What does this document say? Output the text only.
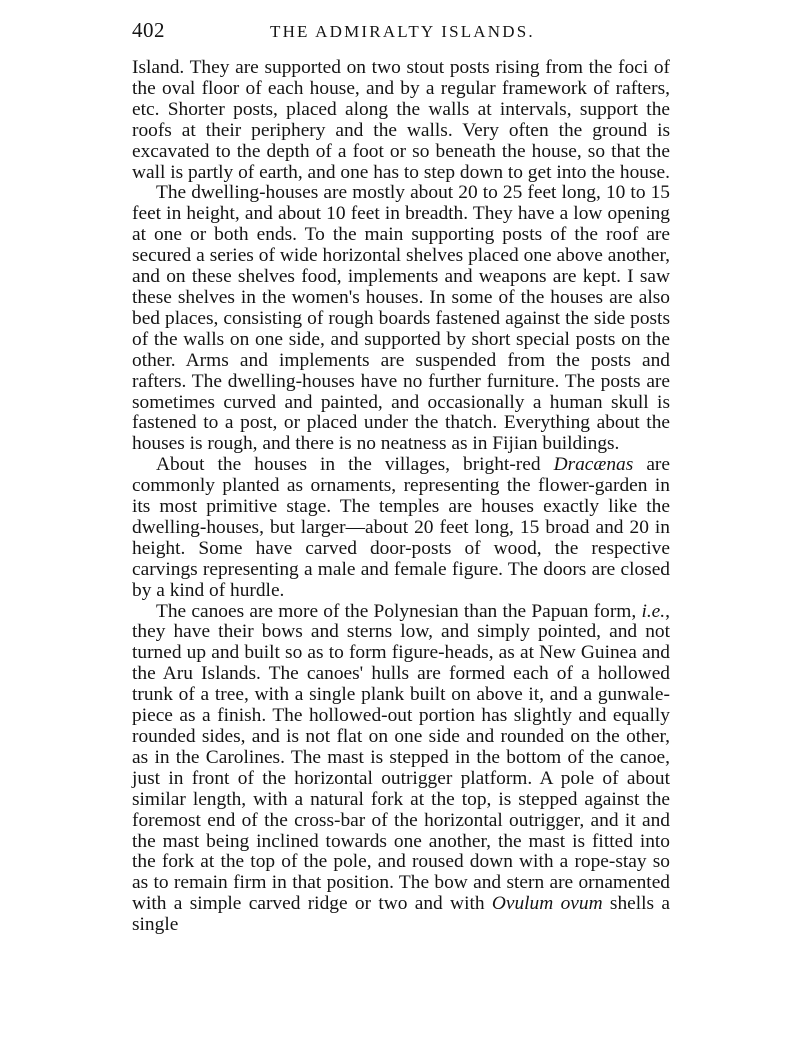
402	THE ADMIRALTY ISLANDS.

Island. They are supported on two stout posts rising from the foci of the oval floor of each house, and by a regular framework of rafters, etc. Shorter posts, placed along the walls at intervals, support the roofs at their periphery and the walls. Very often the ground is excavated to the depth of a foot or so beneath the house, so that the wall is partly of earth, and one has to step down to get into the house.

The dwelling-houses are mostly about 20 to 25 feet long, 10 to 15 feet in height, and about 10 feet in breadth. They have a low opening at one or both ends. To the main supporting posts of the roof are secured a series of wide horizontal shelves placed one above another, and on these shelves food, implements and weapons are kept. I saw these shelves in the women's houses. In some of the houses are also bed places, consisting of rough boards fastened against the side posts of the walls on one side, and supported by short special posts on the other. Arms and implements are suspended from the posts and rafters. The dwelling-houses have no further furniture. The posts are sometimes curved and painted, and occasionally a human skull is fastened to a post, or placed under the thatch. Everything about the houses is rough, and there is no neatness as in Fijian buildings.

About the houses in the villages, bright-red Dracænas are commonly planted as ornaments, representing the flower-garden in its most primitive stage. The temples are houses exactly like the dwelling-houses, but larger—about 20 feet long, 15 broad and 20 in height. Some have carved door-posts of wood, the respective carvings representing a male and female figure. The doors are closed by a kind of hurdle.

The canoes are more of the Polynesian than the Papuan form, i.e., they have their bows and sterns low, and simply pointed, and not turned up and built so as to form figure-heads, as at New Guinea and the Aru Islands. The canoes' hulls are formed each of a hollowed trunk of a tree, with a single plank built on above it, and a gunwale-piece as a finish. The hollowed-out portion has slightly and equally rounded sides, and is not flat on one side and rounded on the other, as in the Carolines. The mast is stepped in the bottom of the canoe, just in front of the horizontal outrigger platform. A pole of about similar length, with a natural fork at the top, is stepped against the foremost end of the cross-bar of the horizontal outrigger, and it and the mast being inclined towards one another, the mast is fitted into the fork at the top of the pole, and roused down with a rope-stay so as to remain firm in that position. The bow and stern are ornamented with a simple carved ridge or two and with Ovulum ovum shells a single
